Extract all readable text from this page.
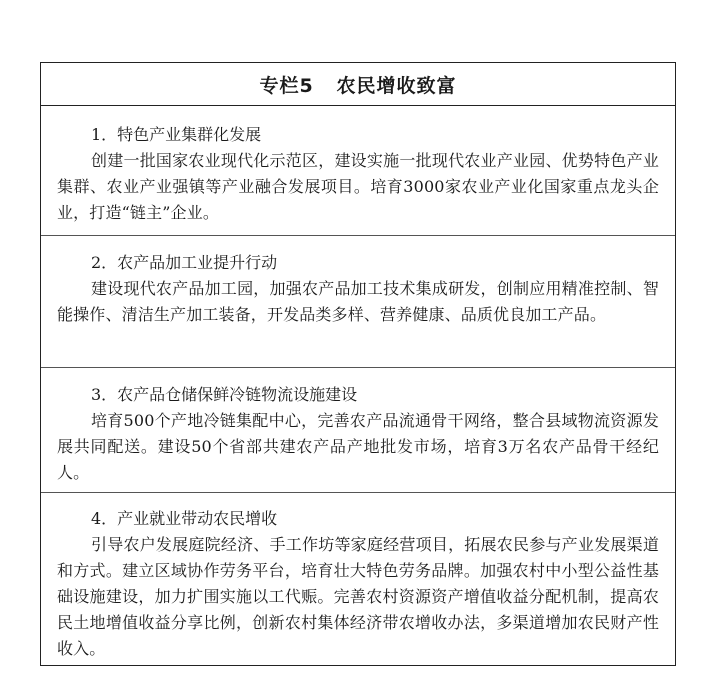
专栏5   农民增收致富
1．特色产业集群化发展
创建一批国家农业现代化示范区，建设实施一批现代农业产业园、优势特色产业集群、农业产业强镇等产业融合发展项目。培育3000家农业产业化国家重点龙头企业，打造“链主”企业。
2．农产品加工业提升行动
建设现代农产品加工园，加强农产品加工技术集成研发，创制应用精准控制、智能操作、清洁生产加工装备，开发品类多样、营养健康、品质优良加工产品。
3．农产品仓储保鲜冷链物流设施建设
培育500个产地冷链集配中心，完善农产品流通骨干网络，整合县域物流资源发展共同配送。建设50个省部共建农产品产地批发市场，培育3万名农产品骨干经纪人。
4．产业就业带动农民增收
引导农户发展庭院经济、手工作坊等家庭经营项目，拓展农民参与产业发展渠道和方式。建立区域协作劳务平台，培育壮大特色劳务品牌。加强农村中小型公益性基础设施建设，加力扩围实施以工代赈。完善农村资源资产增值收益分配机制，提高农民土地增值收益分享比例，创新农村集体经济带农增收办法，多渠道增加农民财产性收入。
